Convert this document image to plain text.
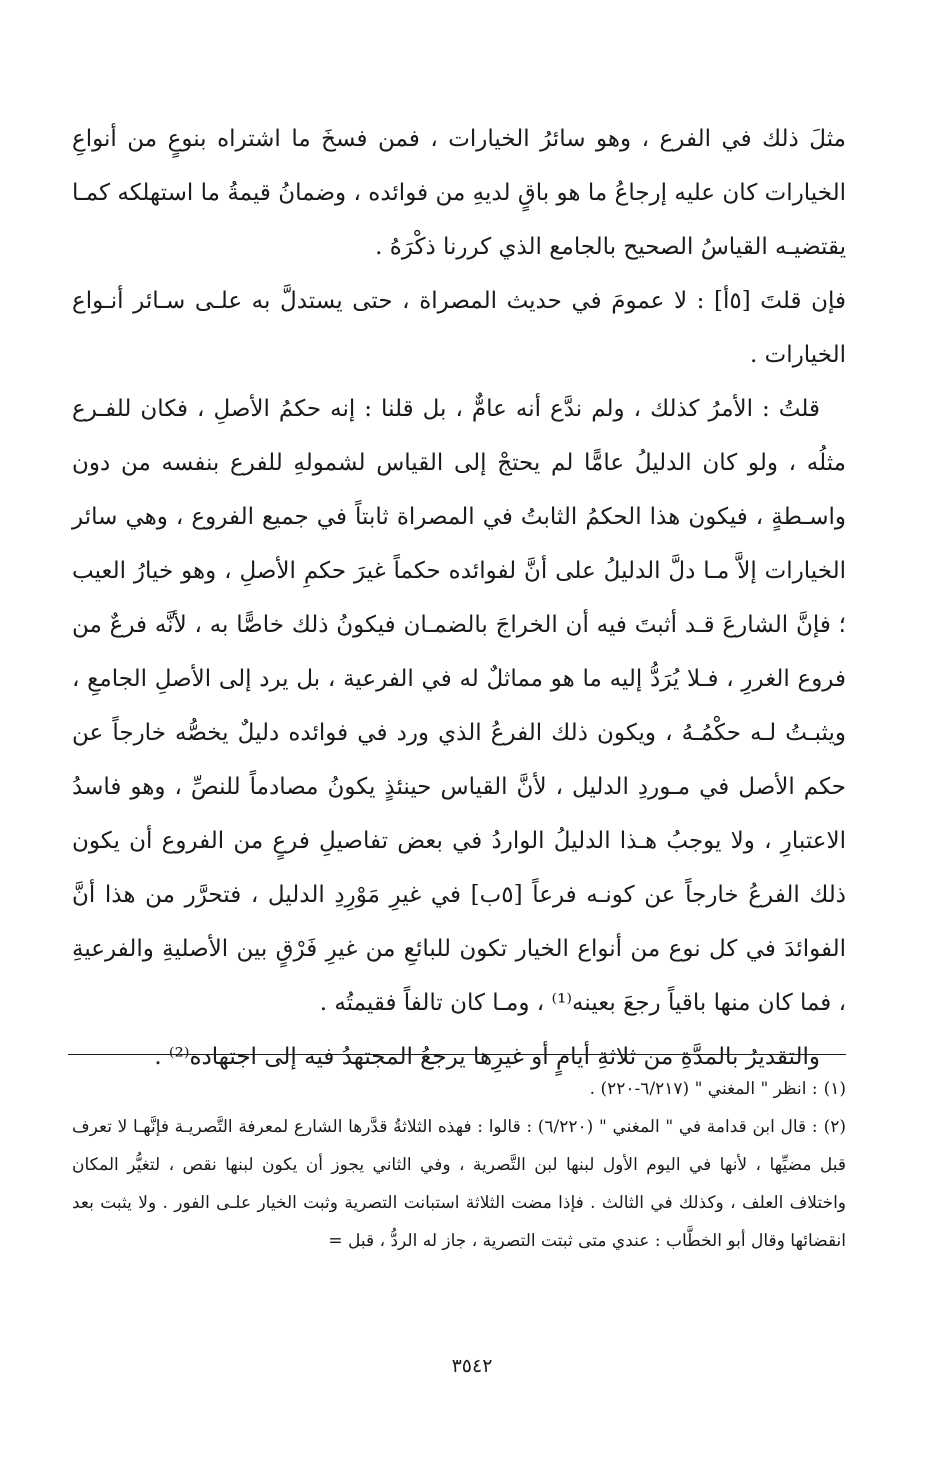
مثلَ ذلك في الفرع ، وهو سائرُ الخيارات ، فمن فسخَ ما اشتراه بنوعٍ من أنواعِ الخيارات كان عليه إرجاعُ ما هو باقٍ لديهِ من فوائده ، وضمانُ قيمةُ ما استهلكه كمـا يقتضيـه القياسُ الصحيح بالجامع الذي كررنا ذكْرَهُ .

فإن قلتَ [٥أ] : لا عمومَ في حديث المصراة ، حتى يستدلَّ به علـى سـائر أنـواع الخيارات .

قلتُ : الأمرُ كذلك ، ولم ندَّع أنه عامٌّ ، بل قلنا : إنه حكمُ الأصلِ ، فكان للفـرع مثلُه ، ولو كان الدليلُ عامًّا لم يحتجْ إلى القياس لشمولهِ للفرع بنفسه من دون واسـطةٍ ، فيكون هذا الحكمُ الثابتُ في المصراة ثابتاً في جميع الفروع ، وهي سائر الخيارات إلاَّ مـا دلَّ الدليلُ على أنَّ لفوائده حكماً غيرَ حكمِ الأصلِ ، وهو خيارُ العيب ؛ فإنَّ الشارعَ قـد أثبتَ فيه أن الخراجَ بالضمـان فيكونُ ذلك خاصًّا به ، لأنَّه فرعٌ من فروع الغررِ ، فـلا يُرَدُّ إليه ما هو مماثلٌ له في الفرعية ، بل يرد إلى الأصلِ الجامعِ ، ويثبـتُ لـه حكْمُـهُ ، ويكون ذلك الفرعُ الذي ورد في فوائده دليلٌ يخصُّه خارجاً عن حكم الأصل في مـوردِ الدليل ، لأنَّ القياس حينئذٍ يكونُ مصادماً للنصِّ ، وهو فاسدُ الاعتبارِ ، ولا يوجبُ هـذا الدليلُ الواردُ في بعض تفاصيلِ فرعٍ من الفروع أن يكون ذلك الفرعُ خارجاً عن كونـه فرعاً [٥ب] في غيرِ مَوْرِدِ الدليل ، فتحرَّر من هذا أنَّ الفوائدَ في كل نوع من أنواع الخيار تكون للبائعِ من غيرِ فَرْقٍ بين الأصليةِ والفرعيةِ ، فما كان منها باقياً رجعَ بعينه⁽¹⁾ ، ومـا كان تالفاً فقيمتُه .

والتقديرُ بالمدَّةِ من ثلاثةِ أيامٍ أو غيرِها يرجعُ المجتهدُ فيه إلى اجتهاده⁽²⁾ .

(١): انظر " المغني " (٦/٢١٧-٢٢٠) .

(٢): قال ابن قدامة في " المغني " (٦/٢٢٠) : قالوا : فهذه الثلاثةُ قدَّرها الشارع لمعرفة التَّصريـة فإنَّهـا لا تعرف قبل مضيِّها ، لأنها في اليوم الأول لبنها لبن التَّصرية ، وفي الثاني يجوز أن يكون لبنها نقص ، لتغيُّر المكان واختلاف العلف ، وكذلك في الثالث . فإذا مضت الثلاثة استبانت التصرية وثبت الخيار علـى الفور . ولا يثبت بعد انقضائها وقال أبو الخطَّاب : عندي متى ثبتت التصرية ، جاز له الردُّ ، قبل =

٣٥٤٢
